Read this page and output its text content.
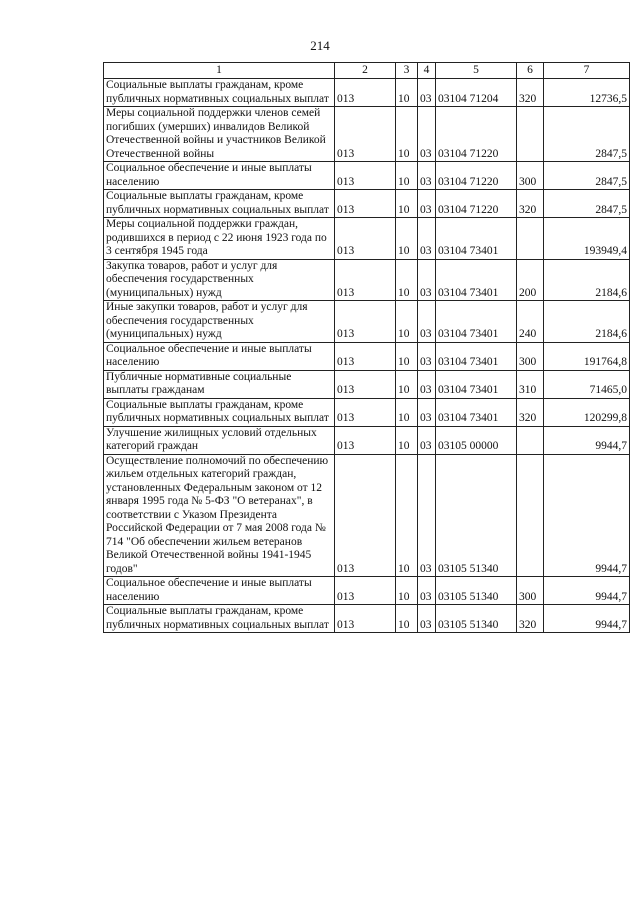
214
1	2	3	4	5	6	7
Социальные выплаты гражданам, кроме публичных нормативных социальных выплат	013	10	03	03104 71204	320	12736,5
Меры социальной поддержки членов семей погибших (умерших) инвалидов Великой Отечественной войны и участников Великой Отечественной войны	013	10	03	03104 71220		2847,5
Социальное обеспечение и иные выплаты населению	013	10	03	03104 71220	300	2847,5
Социальные выплаты гражданам, кроме публичных нормативных социальных выплат	013	10	03	03104 71220	320	2847,5
Меры социальной поддержки граждан, родившихся в период с 22 июня 1923 года по 3 сентября 1945 года	013	10	03	03104 73401		193949,4
Закупка товаров, работ и услуг для обеспечения государственных (муниципальных) нужд	013	10	03	03104 73401	200	2184,6
Иные закупки товаров, работ и услуг для обеспечения государственных (муниципальных) нужд	013	10	03	03104 73401	240	2184,6
Социальное обеспечение и иные выплаты населению	013	10	03	03104 73401	300	191764,8
Публичные нормативные социальные выплаты гражданам	013	10	03	03104 73401	310	71465,0
Социальные выплаты гражданам, кроме публичных нормативных социальных выплат	013	10	03	03104 73401	320	120299,8
Улучшение жилищных условий отдельных категорий граждан	013	10	03	03105 00000		9944,7
Осуществление полномочий по обеспечению жильем отдельных категорий граждан, установленных Федеральным законом от 12 января 1995 года № 5-ФЗ "О ветеранах", в соответствии с Указом Президента Российской Федерации от 7 мая 2008 года № 714 "Об обеспечении жильем ветеранов Великой Отечественной войны 1941-1945 годов"	013	10	03	03105 51340		9944,7
Социальное обеспечение и иные выплаты населению	013	10	03	03105 51340	300	9944,7
Социальные выплаты гражданам, кроме публичных нормативных социальных выплат	013	10	03	03105 51340	320	9944,7
